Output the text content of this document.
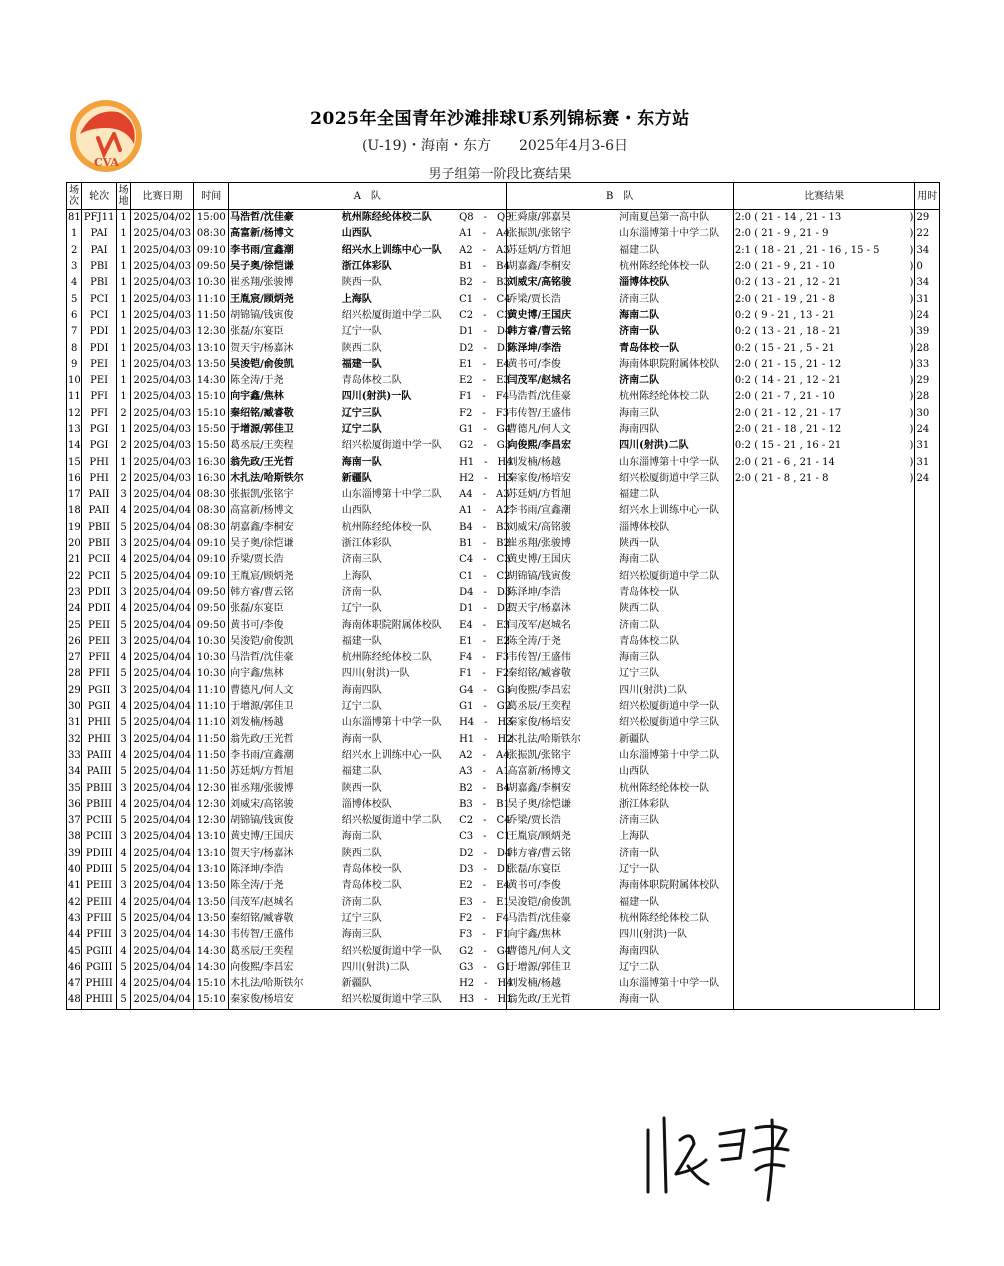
CVA
2025年全国青年沙滩排球U系列锦标赛・东方站
(U-19)・海南・东方　　2025年4月3-6日
男子组第一阶段比赛结果
场次	轮次	场地	比赛日期	时间	A　队			B　队		比赛结果	用时
81	PFJ11	1	2025/04/02	15:00	马浩哲/沈佳豪	杭州陈经纶体校二队	Q8　-　Q9	王舜康/郭嘉昊	河南夏邑第一高中队	2:0 ( 21 - 14 , 21 - 13 )	29
1	PAI	1	2025/04/03	08:30	高富新/杨博文	山西队	A1　-　A4	张振凯/张铭宇	山东淄博第十中学二队	2:0 ( 21 - 9 , 21 - 9 )	22
2	PAI	1	2025/04/03	09:10	李书雨/宣鑫潮	绍兴水上训练中心一队	A2　-　A3	苏廷炳/方哲旭	福建二队	2:1 ( 18 - 21 , 21 - 16 , 15 - 5 )	34
3	PBI	1	2025/04/03	09:50	吴子奥/徐恺谦	浙江体彩队	B1　-　B4	胡嘉鑫/李桐安	杭州陈经纶体校一队	2:0 ( 21 - 9 , 21 - 10 )	0
4	PBI	1	2025/04/03	10:30	崔丞翔/张骏博	陕西一队	B2　-　B3	刘威宋/高铭骏	淄博体校队	0:2 ( 13 - 21 , 12 - 21 )	34
5	PCI	1	2025/04/03	11:10	王胤宸/顾炳尧	上海队	C1　-　C4	乔梁/贾长浩	济南三队	2:0 ( 21 - 19 , 21 - 8 )	31
6	PCI	1	2025/04/03	11:50	胡锦镐/钱寅俊	绍兴松厦街道中学二队	C2　-　C3	黄史博/王国庆	海南二队	0:2 ( 9 - 21 , 13 - 21 )	24
7	PDI	1	2025/04/03	12:30	张磊/东宴臣	辽宁一队	D1　-　D4	韩方睿/曹云铭	济南一队	0:2 ( 13 - 21 , 18 - 21 )	39
8	PDI	1	2025/04/03	13:10	贺天宇/杨嘉沐	陕西二队	D2　-　D3	陈泽坤/李浩	青岛体校一队	0:2 ( 15 - 21 , 5 - 21 )	28
9	PEI	1	2025/04/03	13:50	吴浚铠/俞俊凯	福建一队	E1　-　E4	黄书可/李俊	海南体职院附属体校队	2:0 ( 21 - 15 , 21 - 12 )	33
10	PEI	1	2025/04/03	14:30	陈全涛/于尧	青岛体校二队	E2　-　E3	闫茂军/赵城名	济南二队	0:2 ( 14 - 21 , 12 - 21 )	29
11	PFI	1	2025/04/03	15:10	向宇鑫/焦林	四川(射洪)一队	F1　-　F4	马浩哲/沈佳豪	杭州陈经纶体校二队	2:0 ( 21 - 7 , 21 - 10 )	28
12	PFI	2	2025/04/03	15:10	秦绍铭/臧睿敬	辽宁三队	F2　-　F3	韦传智/王盛伟	海南三队	2:0 ( 21 - 12 , 21 - 17 )	30
13	PGI	1	2025/04/03	15:50	于增源/郭佳卫	辽宁二队	G1　-　G4	曹德凡/何人文	海南四队	2:0 ( 21 - 18 , 21 - 12 )	24
14	PGI	2	2025/04/03	15:50	葛丞辰/王奕程	绍兴松厦街道中学一队	G2　-　G3	向俊熙/李昌宏	四川(射洪)二队	0:2 ( 15 - 21 , 16 - 21 )	31
15	PHI	1	2025/04/03	16:30	翁先政/王光哲	海南一队	H1　-　H4	刘发楠/杨越	山东淄博第十中学一队	2:0 ( 21 - 6 , 21 - 14 )	31
16	PHI	2	2025/04/03	16:30	木扎法/哈斯铁尔	新疆队	H2　-　H3	秦家俊/杨培安	绍兴松厦街道中学三队	2:0 ( 21 - 8 , 21 - 8 )	24
17	PAII	3	2025/04/04	08:30	张振凯/张铭宇	山东淄博第十中学二队	A4　-　A3	苏廷炳/方哲旭	福建二队	

18	PAII	4	2025/04/04	08:30	高富新/杨博文	山西队	A1　-　A2	李书雨/宣鑫潮	绍兴水上训练中心一队	

19	PBII	5	2025/04/04	08:30	胡嘉鑫/李桐安	杭州陈经纶体校一队	B4　-　B3	刘威宋/高铭骏	淄博体校队	

20	PBII	3	2025/04/04	09:10	吴子奥/徐恺谦	浙江体彩队	B1　-　B2	崔丞翔/张骏博	陕西一队	

21	PCII	4	2025/04/04	09:10	乔梁/贾长浩	济南三队	C4　-　C3	黄史博/王国庆	海南二队	

22	PCII	5	2025/04/04	09:10	王胤宸/顾炳尧	上海队	C1　-　C2	胡锦镐/钱寅俊	绍兴松厦街道中学二队	

23	PDII	3	2025/04/04	09:50	韩方睿/曹云铭	济南一队	D4　-　D3	陈泽坤/李浩	青岛体校一队	

24	PDII	4	2025/04/04	09:50	张磊/东宴臣	辽宁一队	D1　-　D2	贺天宇/杨嘉沐	陕西二队	

25	PEII	5	2025/04/04	09:50	黄书可/李俊	海南体职院附属体校队	E4　-　E3	闫茂军/赵城名	济南二队	

26	PEII	3	2025/04/04	10:30	吴浚铠/俞俊凯	福建一队	E1　-　E2	陈全涛/于尧	青岛体校二队	

27	PFII	4	2025/04/04	10:30	马浩哲/沈佳豪	杭州陈经纶体校二队	F4　-　F3	韦传智/王盛伟	海南三队	

28	PFII	5	2025/04/04	10:30	向宇鑫/焦林	四川(射洪)一队	F1　-　F2	秦绍铭/臧睿敬	辽宁三队	

29	PGII	3	2025/04/04	11:10	曹德凡/何人文	海南四队	G4　-　G3	向俊熙/李昌宏	四川(射洪)二队	

30	PGII	4	2025/04/04	11:10	于增源/郭佳卫	辽宁二队	G1　-　G2	葛丞辰/王奕程	绍兴松厦街道中学一队	

31	PHII	5	2025/04/04	11:10	刘发楠/杨越	山东淄博第十中学一队	H4　-　H3	秦家俊/杨培安	绍兴松厦街道中学三队	

32	PHII	3	2025/04/04	11:50	翁先政/王光哲	海南一队	H1　-　H2	木扎法/哈斯铁尔	新疆队	

33	PAIII	4	2025/04/04	11:50	李书雨/宣鑫潮	绍兴水上训练中心一队	A2　-　A4	张振凯/张铭宇	山东淄博第十中学二队	

34	PAIII	5	2025/04/04	11:50	苏廷炳/方哲旭	福建二队	A3　-　A1	高富新/杨博文	山西队	

35	PBIII	3	2025/04/04	12:30	崔丞翔/张骏博	陕西一队	B2　-　B4	胡嘉鑫/李桐安	杭州陈经纶体校一队	

36	PBIII	4	2025/04/04	12:30	刘威宋/高铭骏	淄博体校队	B3　-　B1	吴子奥/徐恺谦	浙江体彩队	

37	PCIII	5	2025/04/04	12:30	胡锦镐/钱寅俊	绍兴松厦街道中学二队	C2　-　C4	乔梁/贾长浩	济南三队	

38	PCIII	3	2025/04/04	13:10	黄史博/王国庆	海南二队	C3　-　C1	王胤宸/顾炳尧	上海队	

39	PDIII	4	2025/04/04	13:10	贺天宇/杨嘉沐	陕西二队	D2　-　D4	韩方睿/曹云铭	济南一队	

40	PDIII	5	2025/04/04	13:10	陈泽坤/李浩	青岛体校一队	D3　-　D1	张磊/东宴臣	辽宁一队	

41	PEIII	3	2025/04/04	13:50	陈全涛/于尧	青岛体校二队	E2　-　E4	黄书可/李俊	海南体职院附属体校队	

42	PEIII	4	2025/04/04	13:50	闫茂军/赵城名	济南二队	E3　-　E1	吴浚铠/俞俊凯	福建一队	

43	PFIII	5	2025/04/04	13:50	秦绍铭/臧睿敬	辽宁三队	F2　-　F4	马浩哲/沈佳豪	杭州陈经纶体校二队	

44	PFIII	3	2025/04/04	14:30	韦传智/王盛伟	海南三队	F3　-　F1	向宇鑫/焦林	四川(射洪)一队	

45	PGIII	4	2025/04/04	14:30	葛丞辰/王奕程	绍兴松厦街道中学一队	G2　-　G4	曹德凡/何人文	海南四队	

46	PGIII	5	2025/04/04	14:30	向俊熙/李昌宏	四川(射洪)二队	G3　-　G1	于增源/郭佳卫	辽宁二队	

47	PHIII	4	2025/04/04	15:10	木扎法/哈斯铁尔	新疆队	H2　-　H4	刘发楠/杨越	山东淄博第十中学一队	

48	PHIII	5	2025/04/04	15:10	秦家俊/杨培安	绍兴松厦街道中学三队	H3　-　H1	翁先政/王光哲	海南一队	
